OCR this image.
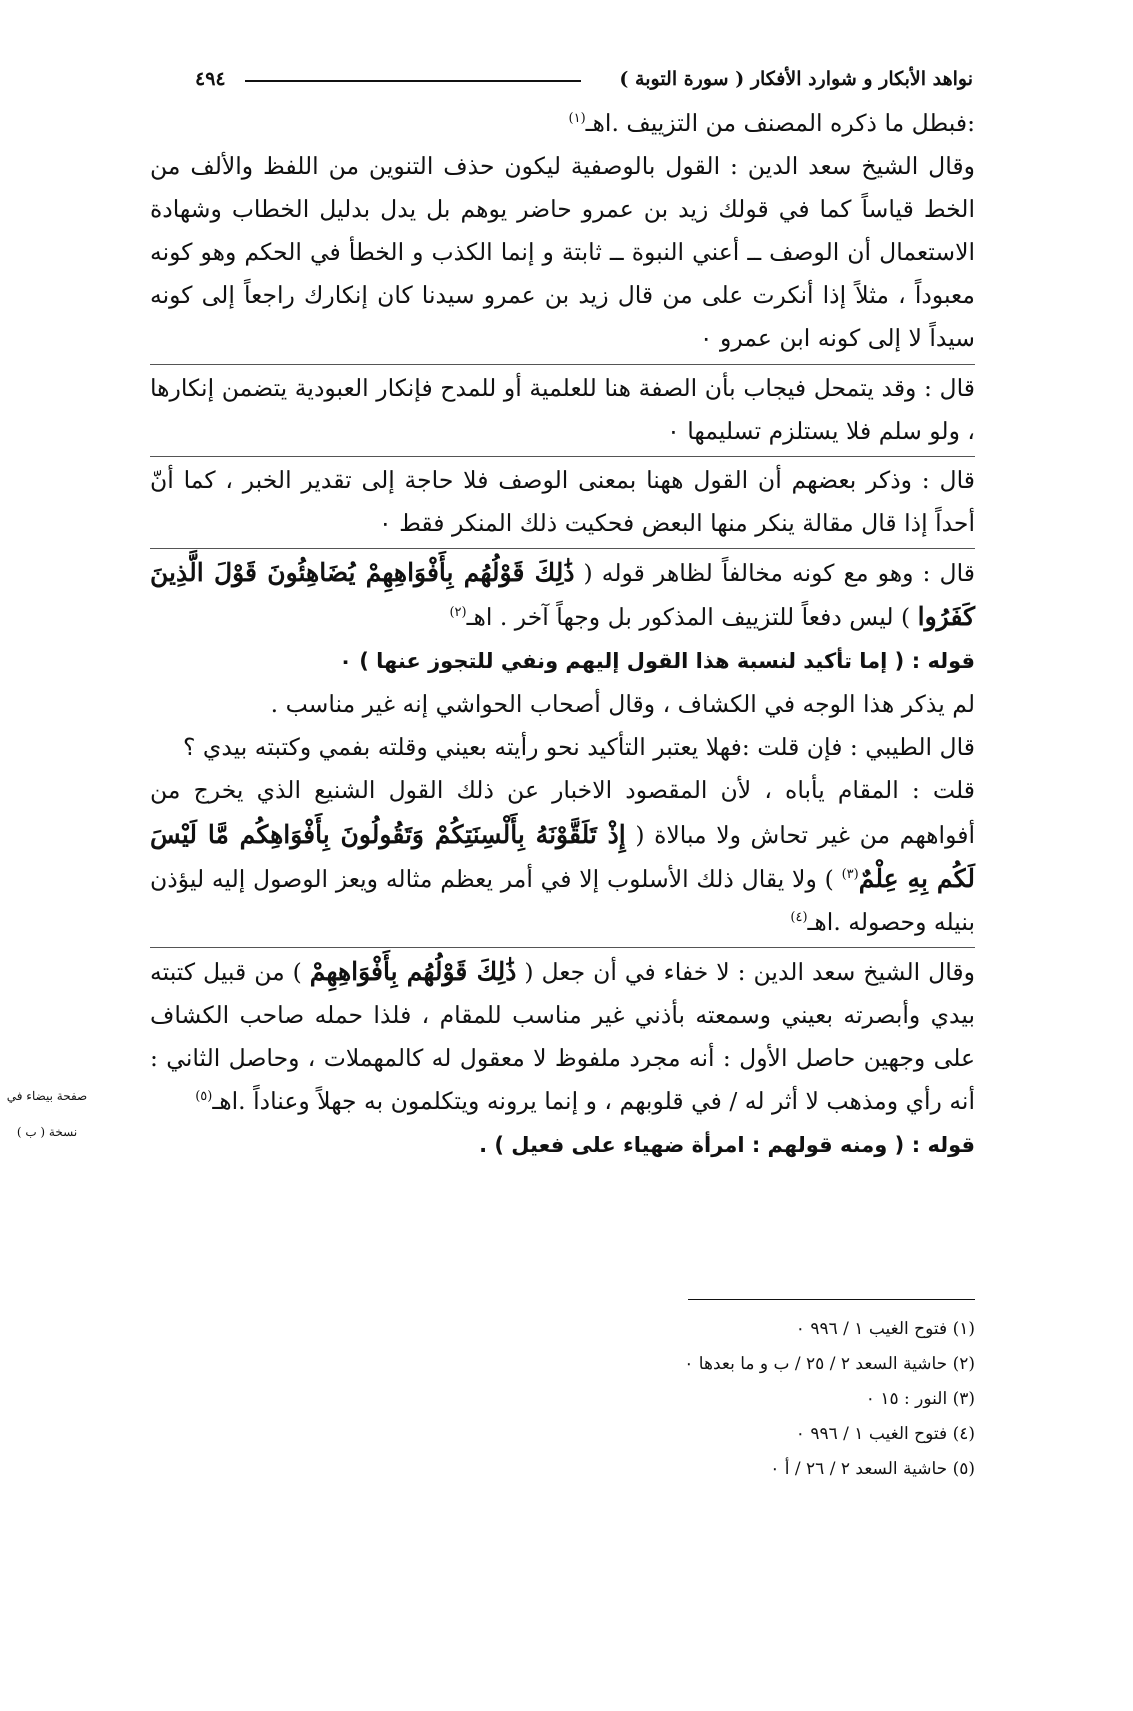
نواهد الأبكار و شوارد الأفكار ( سورة التوبة )
٤٩٤

:فبطل ما ذكره المصنف من التزييف .اهـ$^{(١)}$

وقال الشيخ سعد الدين : القول بالوصفية ليكون حذف التنوين من اللفظ والألف من الخط قياساً كما في قولك زيد بن عمرو حاضر يوهم بل يدل بدليل الخطاب وشهادة الاستعمال أن الوصف ــ أعني النبوة ــ ثابتة و إنما الكذب و الخطأ في الحكم وهو كونه معبوداً ، مثلاً إذا أنكرت على من قال زيد بن عمرو سيدنا كان إنكارك راجعاً إلى كونه سيداً لا إلى كونه ابن عمرو ٠

قال : وقد يتمحل فيجاب بأن الصفة هنا للعلمية أو للمدح فإنكار العبودية يتضمن إنكارها ، ولو سلم فلا يستلزم تسليمها ٠

قال : وذكر بعضهم أن القول ههنا بمعنى الوصف فلا حاجة إلى تقدير الخبر ، كما أنّ أحداً إذا قال مقالة ينكر منها البعض فحكيت ذلك المنكر فقط ٠

قال : وهو مع كونه مخالفاً لظاهر قوله ( ذَٰلِكَ قَوْلُهُم بِأَفْوَاهِهِمْ يُضَاهِئُونَ قَوْلَ الَّذِينَ كَفَرُوا ) ليس دفعاً للتزييف المذكور بل وجهاً آخر . اهـ$^{(٢)}$

قوله : ( إما تأكيد لنسبة هذا القول إليهم ونفي للتجوز عنها ) ٠

لم يذكر هذا الوجه في الكشاف ، وقال أصحاب الحواشي إنه غير مناسب .

قال الطيبي : فإن قلت :فهلا يعتبر التأكيد نحو رأيته بعيني وقلته بفمي وكتبته بيدي ؟

قلت : المقام يأباه ، لأن المقصود الاخبار عن ذلك القول الشنيع الذي يخرج من أفواههم من غير تحاش ولا مبالاة ( إِذْ تَلَقَّوْنَهُ بِأَلْسِنَتِكُمْ وَتَقُولُونَ بِأَفْوَاهِكُم مَّا لَيْسَ لَكُم بِهِ عِلْمٌ$^{(٣)}$ ) ولا يقال ذلك الأسلوب إلا في أمر يعظم مثاله ويعز الوصول إليه ليؤذن بنيله وحصوله .اهـ$^{(٤)}$

وقال الشيخ سعد الدين : لا خفاء في أن جعل ( ذَٰلِكَ قَوْلُهُم بِأَفْوَاهِهِمْ ) من قبيل كتبته بيدي وأبصرته بعيني وسمعته بأذني غير مناسب للمقام ، فلذا حمله صاحب الكشاف على وجهين حاصل الأول : أنه مجرد ملفوظ لا معقول له كالمهملات ، وحاصل الثاني : أنه رأي ومذهب لا أثر له / في قلوبهم ، و إنما يرونه ويتكلمون به جهلاً وعناداً .اهـ$^{(٥)}$

قوله : ( ومنه قولهم : امرأة ضهياء على فعيل ) .

صفحة بيضاء في
نسخة ( ب )
(١) فتوح الغيب ١ / ٩٩٦ ٠
(٢) حاشية السعد ٢ / ٢٥ / ب و ما بعدها ٠
(٣) النور : ١٥ ٠
(٤) فتوح الغيب ١ / ٩٩٦ ٠
(٥) حاشية السعد ٢ / ٢٦ / أ ٠
